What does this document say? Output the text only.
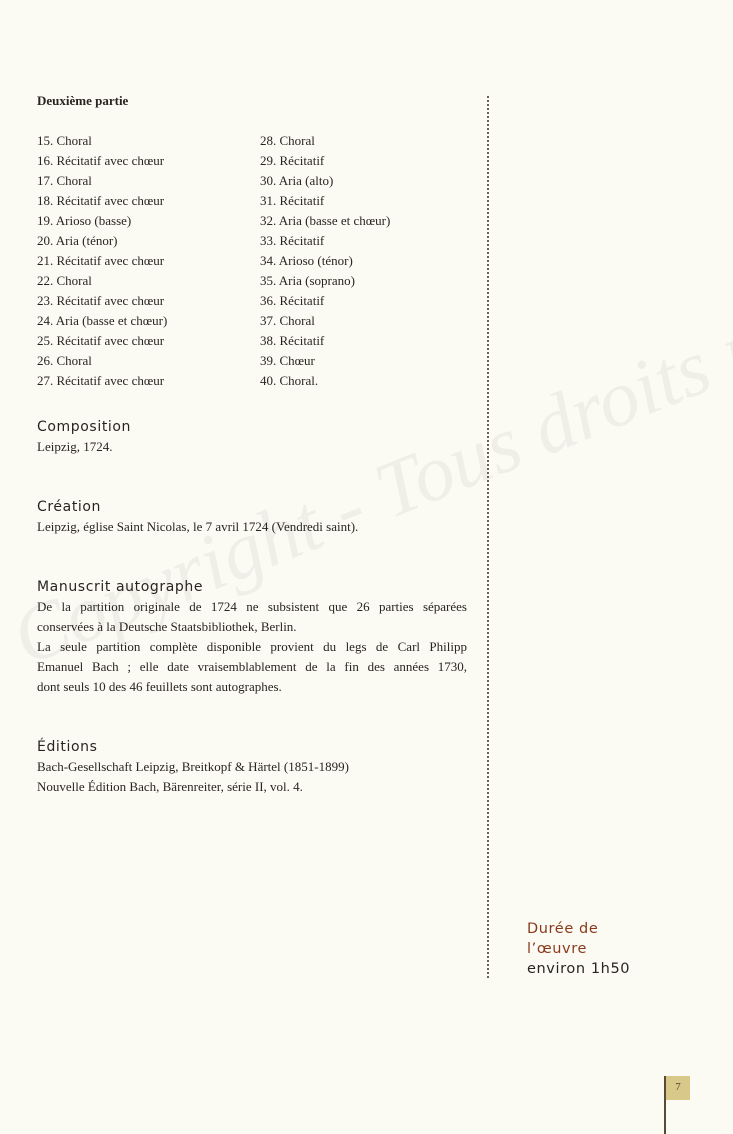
Deuxième partie
15. Choral
16. Récitatif avec chœur
17. Choral
18. Récitatif avec chœur
19. Arioso (basse)
20. Aria (ténor)
21. Récitatif avec chœur
22. Choral
23. Récitatif avec chœur
24. Aria (basse et chœur)
25. Récitatif avec chœur
26. Choral
27. Récitatif avec chœur
28. Choral
29. Récitatif
30. Aria (alto)
31. Récitatif
32. Aria (basse et chœur)
33. Récitatif
34. Arioso (ténor)
35. Aria (soprano)
36. Récitatif
37. Choral
38. Récitatif
39. Chœur
40. Choral.
Composition
Leipzig, 1724.
Création
Leipzig, église Saint Nicolas, le 7 avril 1724 (Vendredi saint).
Manuscrit autographe
De la partition originale de 1724 ne subsistent que 26 parties séparées
conservées à la Deutsche Staatsbibliothek, Berlin.
La seule partition complète disponible provient du legs de Carl Philipp
Emanuel Bach ; elle date vraisemblablement de la fin des années 1730,
dont seuls 10 des 46 feuillets sont autographes.
Éditions
Bach-Gesellschaft Leipzig, Breitkopf & Härtel (1851-1899)
Nouvelle Édition Bach, Bärenreiter, série II, vol. 4.
Durée de
l’œuvre
environ 1h50
7
